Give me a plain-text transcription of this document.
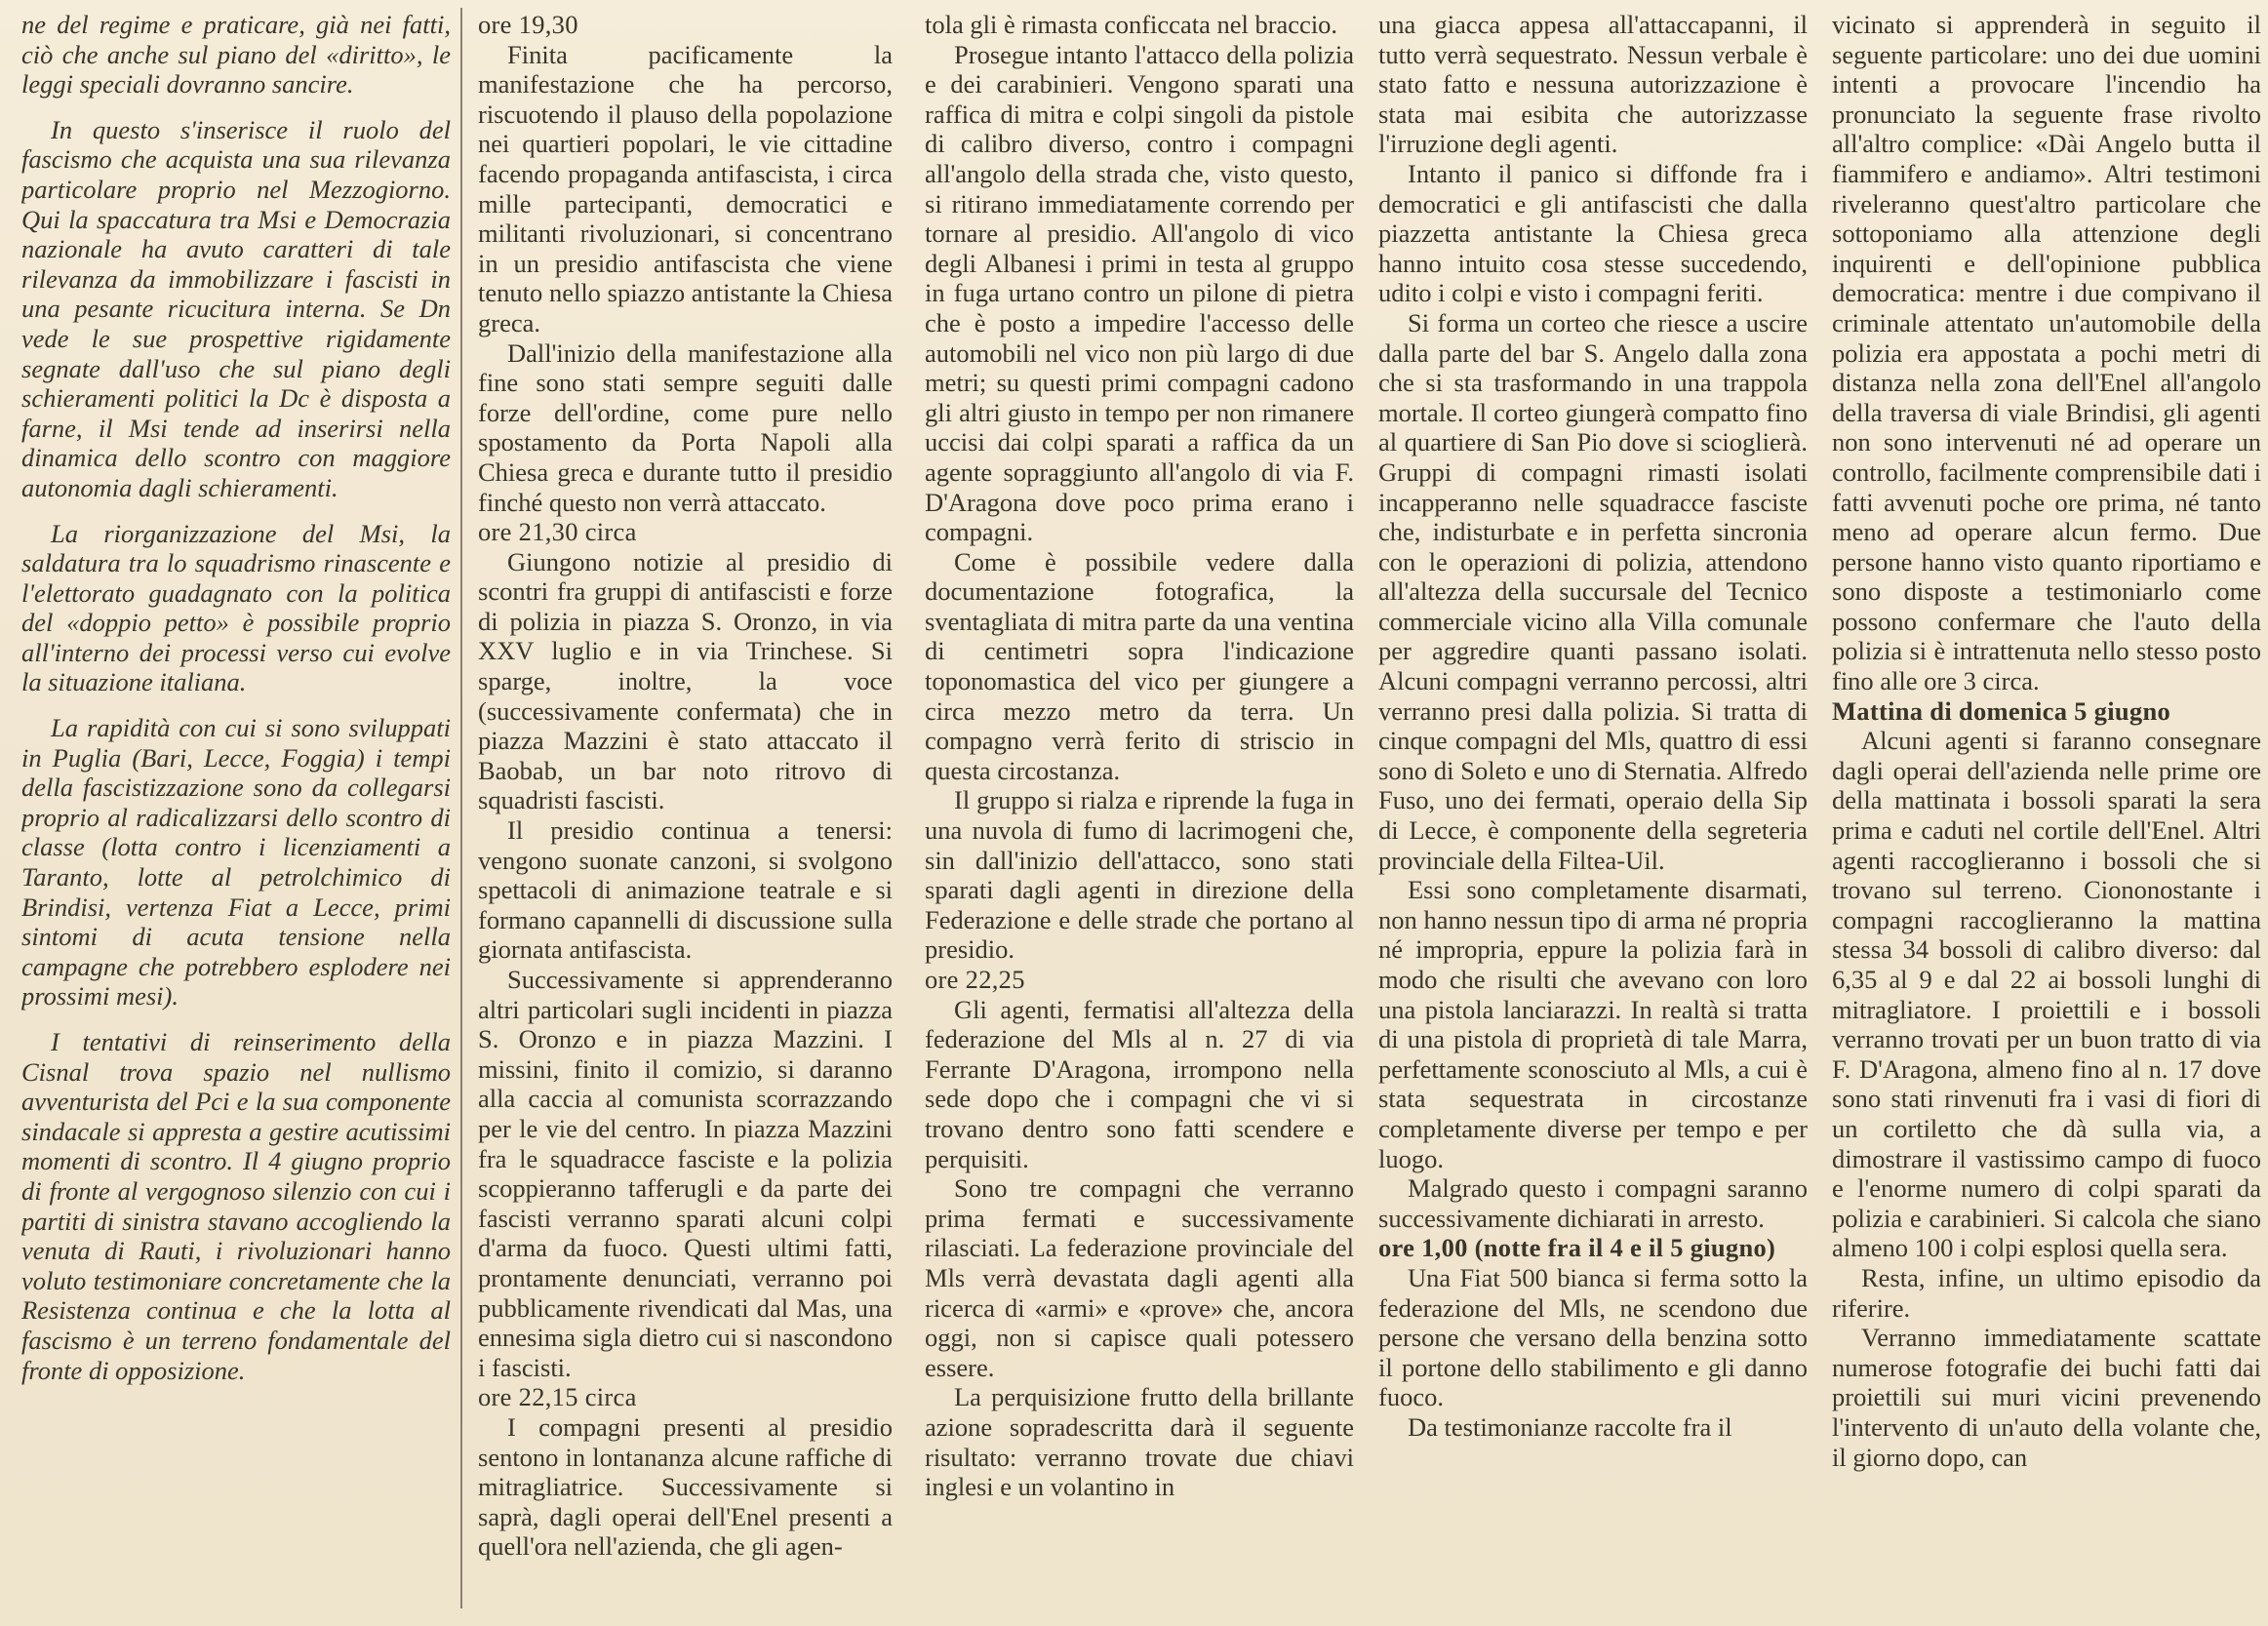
ne del regime e praticare, già nei fatti, ciò che anche sul piano del «diritto», le leggi speciali dovranno sancire.

In questo s'inserisce il ruolo del fascismo che acquista una sua rilevanza particolare proprio nel Mezzogiorno. Qui la spaccatura tra Msi e Democrazia nazionale ha avuto caratteri di tale rilevanza da immobilizzare i fascisti in una pesante ricucitura interna. Se Dn vede le sue prospettive rigidamente segnate dall'uso che sul piano degli schieramenti politici la Dc è disposta a farne, il Msi tende ad inserirsi nella dinamica dello scontro con maggiore autonomia dagli schieramenti.

La riorganizzazione del Msi, la saldatura tra lo squadrismo rinascente e l'elettorato guadagnato con la politica del «doppio petto» è possibile proprio all'interno dei processi verso cui evolve la situazione italiana.

La rapidità con cui si sono sviluppati in Puglia (Bari, Lecce, Foggia) i tempi della fascistizzazione sono da collegarsi proprio al radicalizzarsi dello scontro di classe (lotta contro i licenziamenti a Taranto, lotte al petrolchimico di Brindisi, vertenza Fiat a Lecce, primi sintomi di acuta tensione nella campagne che potrebbero esplodere nei prossimi mesi).

I tentativi di reinserimento della Cisnal trova spazio nel nullismo avventurista del Pci e la sua componente sindacale si appresta a gestire acutissimi momenti di scontro. Il 4 giugno proprio di fronte al vergognoso silenzio con cui i partiti di sinistra stavano accogliendo la venuta di Rauti, i rivoluzionari hanno voluto testimoniare concretamente che la Resistenza continua e che la lotta al fascismo è un terreno fondamentale del fronte di opposizione.

ore 19,30

Finita pacificamente la manifestazione che ha percorso, riscuotendo il plauso della popolazione nei quartieri popolari, le vie cittadine facendo propaganda antifascista, i circa mille partecipanti, democratici e militanti rivoluzionari, si concentrano in un presidio antifascista che viene tenuto nello spiazzo antistante la Chiesa greca.

Dall'inizio della manifestazione alla fine sono stati sempre seguiti dalle forze dell'ordine, come pure nello spostamento da Porta Napoli alla Chiesa greca e durante tutto il presidio finché questo non verrà attaccato.

ore 21,30 circa

Giungono notizie al presidio di scontri fra gruppi di antifascisti e forze di polizia in piazza S. Oronzo, in via XXV luglio e in via Trinchese. Si sparge, inoltre, la voce (successivamente confermata) che in piazza Mazzini è stato attaccato il Baobab, un bar noto ritrovo di squadristi fascisti.

Il presidio continua a tenersi: vengono suonate canzoni, si svolgono spettacoli di animazione teatrale e si formano capannelli di discussione sulla giornata antifascista.

Successivamente si apprenderanno altri particolari sugli incidenti in piazza S. Oronzo e in piazza Mazzini. I missini, finito il comizio, si daranno alla caccia al comunista scorrazzando per le vie del centro. In piazza Mazzini fra le squadracce fasciste e la polizia scoppieranno tafferugli e da parte dei fascisti verranno sparati alcuni colpi d'arma da fuoco. Questi ultimi fatti, prontamente denunciati, verranno poi pubblicamente rivendicati dal Mas, una ennesima sigla dietro cui si nascondono i fascisti.

ore 22,15 circa

I compagni presenti al presidio sentono in lontananza alcune raffiche di mitragliatrice. Successivamente si saprà, dagli operai dell'Enel presenti a quell'ora nell'azienda, che gli agen-

tola gli è rimasta conficcata nel braccio.

Prosegue intanto l'attacco della polizia e dei carabinieri. Vengono sparati una raffica di mitra e colpi singoli da pistole di calibro diverso, contro i compagni all'angolo della strada che, visto questo, si ritirano immediatamente correndo per tornare al presidio. All'angolo di vico degli Albanesi i primi in testa al gruppo in fuga urtano contro un pilone di pietra che è posto a impedire l'accesso delle automobili nel vico non più largo di due metri; su questi primi compagni cadono gli altri giusto in tempo per non rimanere uccisi dai colpi sparati a raffica da un agente sopraggiunto all'angolo di via F. D'Aragona dove poco prima erano i compagni.

Come è possibile vedere dalla documentazione fotografica, la sventagliata di mitra parte da una ventina di centimetri sopra l'indicazione toponomastica del vico per giungere a circa mezzo metro da terra. Un compagno verrà ferito di striscio in questa circostanza.

Il gruppo si rialza e riprende la fuga in una nuvola di fumo di lacrimogeni che, sin dall'inizio dell'attacco, sono stati sparati dagli agenti in direzione della Federazione e delle strade che portano al presidio.

ore 22,25

Gli agenti, fermatisi all'altezza della federazione del Mls al n. 27 di via Ferrante D'Aragona, irrompono nella sede dopo che i compagni che vi si trovano dentro sono fatti scendere e perquisiti.

Sono tre compagni che verranno prima fermati e successivamente rilasciati. La federazione provinciale del Mls verrà devastata dagli agenti alla ricerca di «armi» e «prove» che, ancora oggi, non si capisce quali potessero essere.

La perquisizione frutto della brillante azione sopradescritta darà il seguente risultato: verranno trovate due chiavi inglesi e un volantino in

una giacca appesa all'attaccapanni, il tutto verrà sequestrato. Nessun verbale è stato fatto e nessuna autorizzazione è stata mai esibita che autorizzasse l'irruzione degli agenti.

Intanto il panico si diffonde fra i democratici e gli antifascisti che dalla piazzetta antistante la Chiesa greca hanno intuito cosa stesse succedendo, udito i colpi e visto i compagni feriti.

Si forma un corteo che riesce a uscire dalla parte del bar S. Angelo dalla zona che si sta trasformando in una trappola mortale. Il corteo giungerà compatto fino al quartiere di San Pio dove si scioglierà. Gruppi di compagni rimasti isolati incapperanno nelle squadracce fasciste che, indisturbate e in perfetta sincronia con le operazioni di polizia, attendono all'altezza della succursale del Tecnico commerciale vicino alla Villa comunale per aggredire quanti passano isolati. Alcuni compagni verranno percossi, altri verranno presi dalla polizia. Si tratta di cinque compagni del Mls, quattro di essi sono di Soleto e uno di Sternatia. Alfredo Fuso, uno dei fermati, operaio della Sip di Lecce, è componente della segreteria provinciale della Filtea-Uil.

Essi sono completamente disarmati, non hanno nessun tipo di arma né propria né impropria, eppure la polizia farà in modo che risulti che avevano con loro una pistola lanciarazzi. In realtà si tratta di una pistola di proprietà di tale Marra, perfettamente sconosciuto al Mls, a cui è stata sequestrata in circostanze completamente diverse per tempo e per luogo.

Malgrado questo i compagni saranno successivamente dichiarati in arresto.

ore 1,00 (notte fra il 4 e il 5 giugno)

Una Fiat 500 bianca si ferma sotto la federazione del Mls, ne scendono due persone che versano della benzina sotto il portone dello stabilimento e gli danno fuoco.

Da testimonianze raccolte fra il

vicinato si apprenderà in seguito il seguente particolare: uno dei due uomini intenti a provocare l'incendio ha pronunciato la seguente frase rivolto all'altro complice: «Dài Angelo butta il fiammifero e andiamo». Altri testimoni riveleranno quest'altro particolare che sottoponiamo alla attenzione degli inquirenti e dell'opinione pubblica democratica: mentre i due compivano il criminale attentato un'automobile della polizia era appostata a pochi metri di distanza nella zona dell'Enel all'angolo della traversa di viale Brindisi, gli agenti non sono intervenuti né ad operare un controllo, facilmente comprensibile dati i fatti avvenuti poche ore prima, né tanto meno ad operare alcun fermo. Due persone hanno visto quanto riportiamo e sono disposte a testimoniarlo come possono confermare che l'auto della polizia si è intrattenuta nello stesso posto fino alle ore 3 circa.

Mattina di domenica 5 giugno

Alcuni agenti si faranno consegnare dagli operai dell'azienda nelle prime ore della mattinata i bossoli sparati la sera prima e caduti nel cortile dell'Enel. Altri agenti raccoglieranno i bossoli che si trovano sul terreno. Ciononostante i compagni raccoglieranno la mattina stessa 34 bossoli di calibro diverso: dal 6,35 al 9 e dal 22 ai bossoli lunghi di mitragliatore. I proiettili e i bossoli verranno trovati per un buon tratto di via F. D'Aragona, almeno fino al n. 17 dove sono stati rinvenuti fra i vasi di fiori di un cortiletto che dà sulla via, a dimostrare il vastissimo campo di fuoco e l'enorme numero di colpi sparati da polizia e carabinieri. Si calcola che siano almeno 100 i colpi esplosi quella sera.

Resta, infine, un ultimo episodio da riferire.

Verranno immediatamente scattate numerose fotografie dei buchi fatti dai proiettili sui muri vicini prevenendo l'intervento di un'auto della volante che, il giorno dopo, can
